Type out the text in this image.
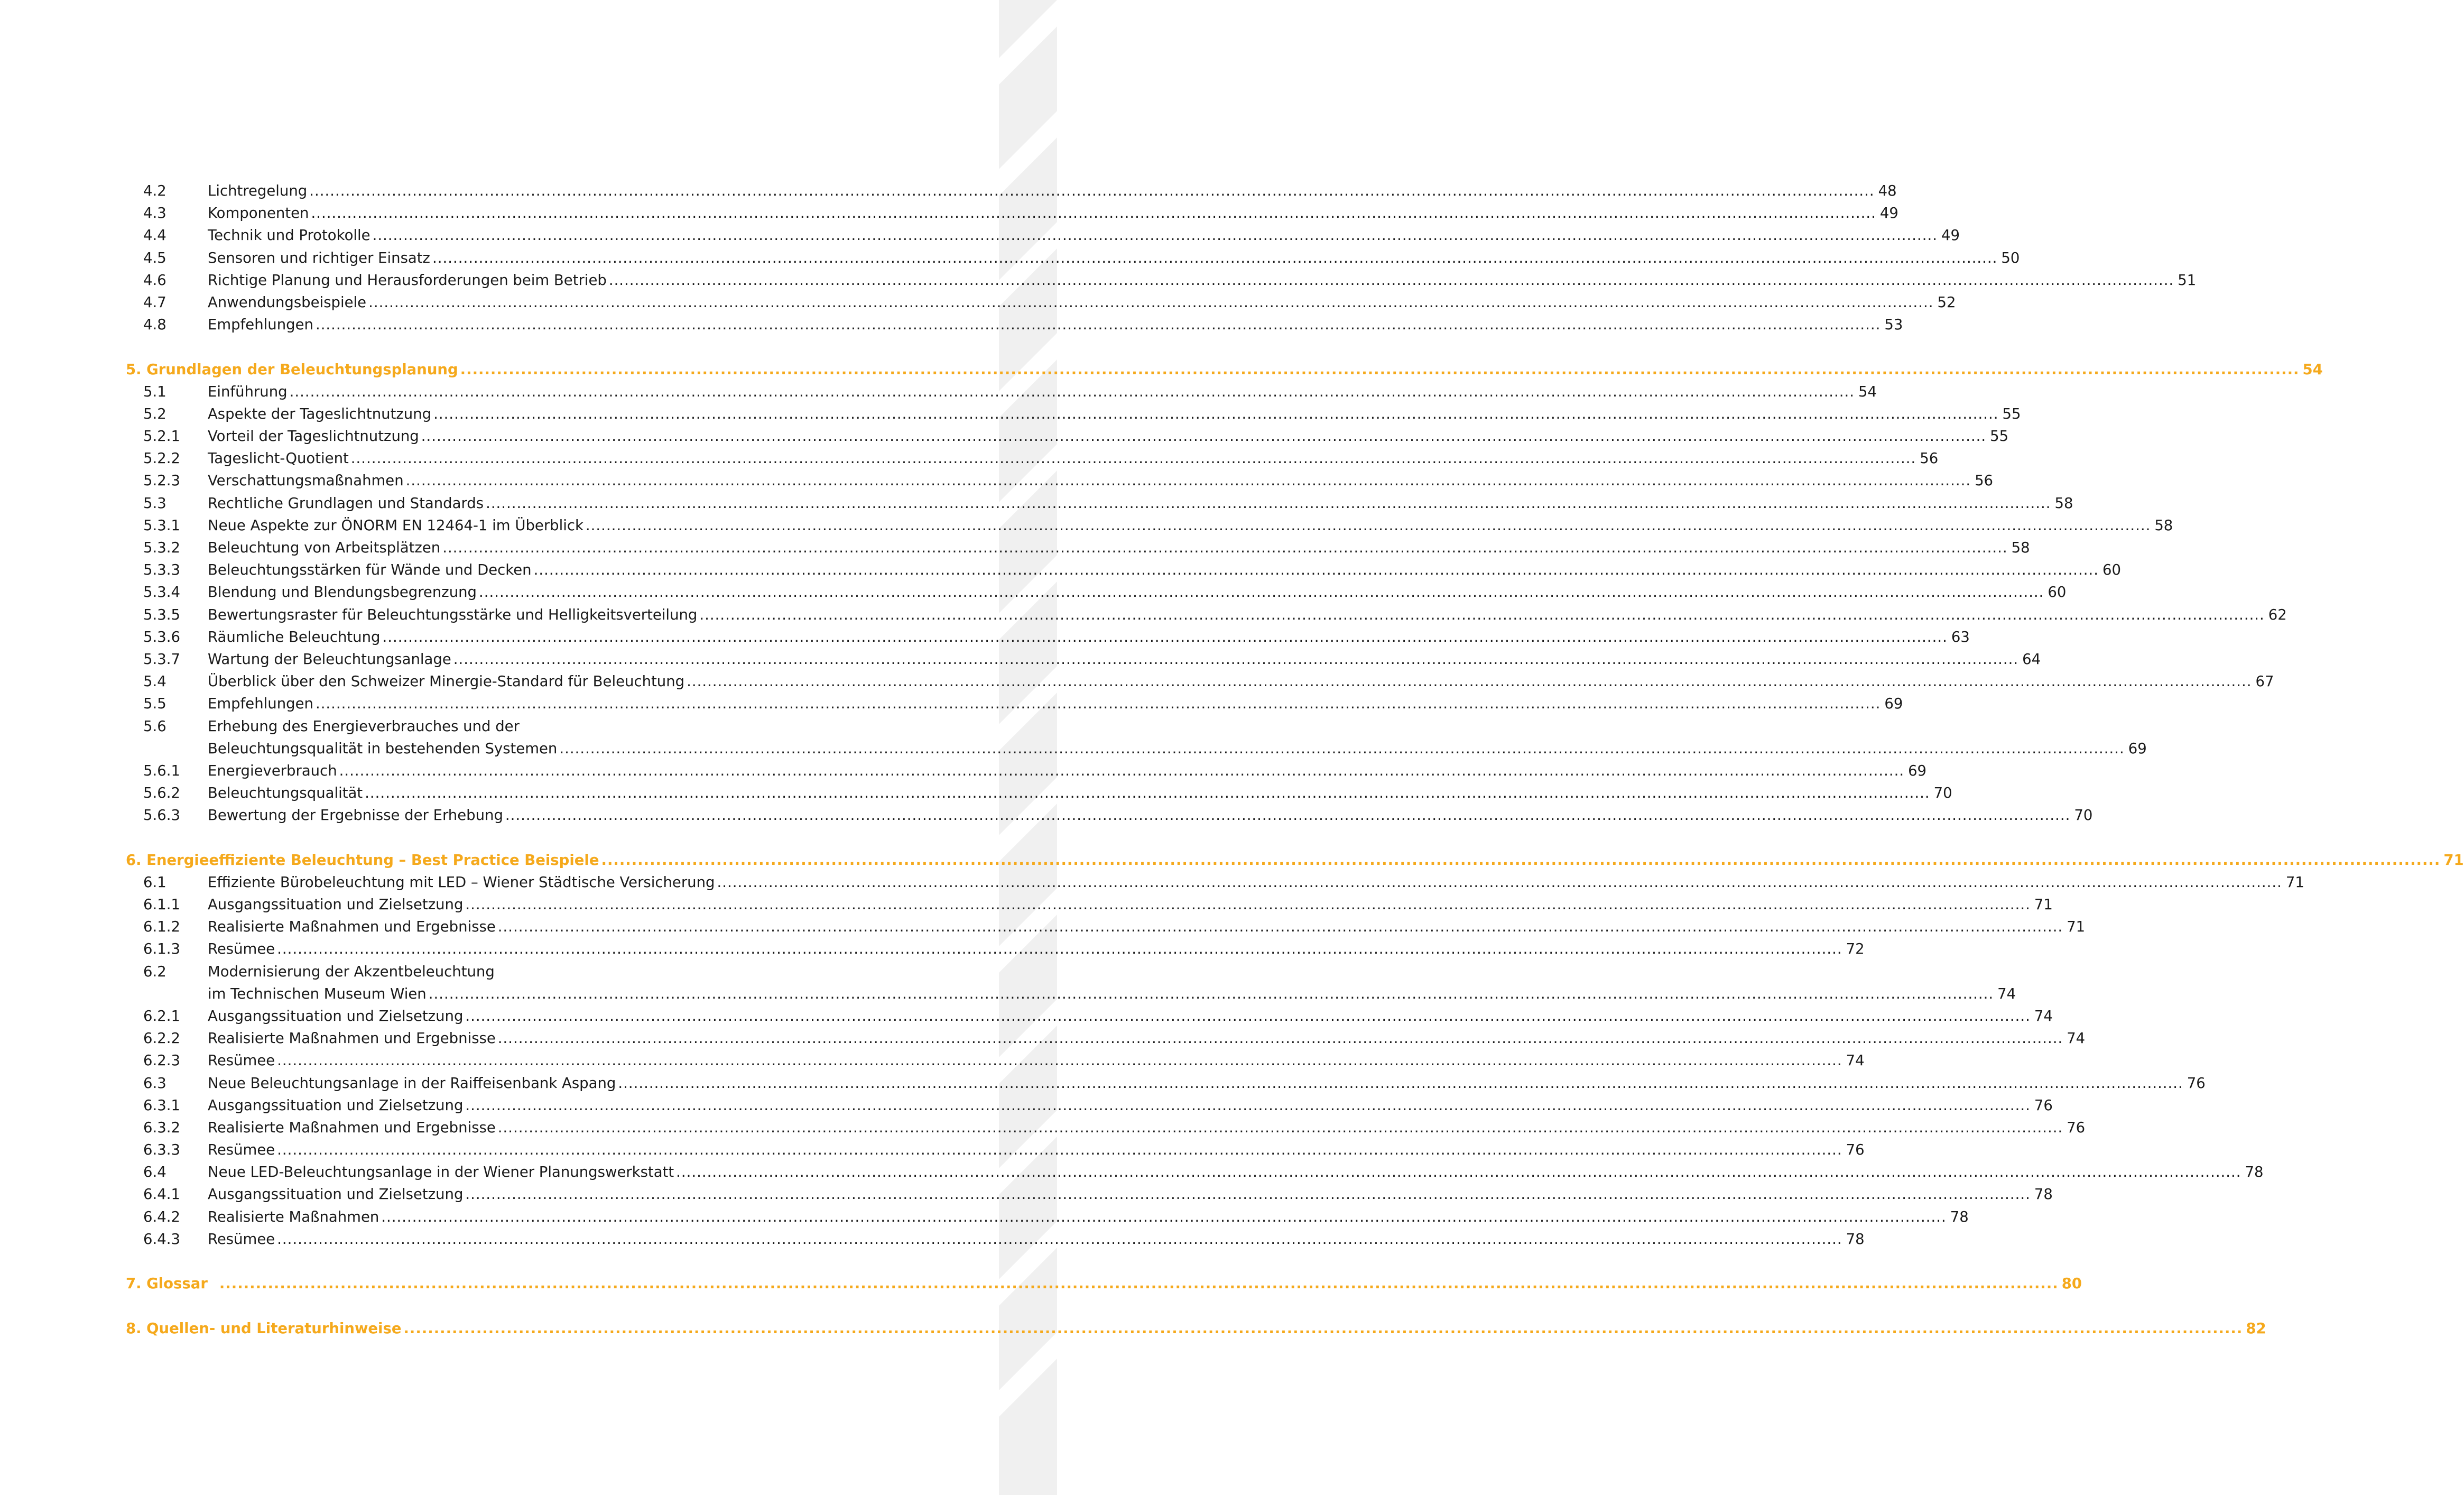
4.2	Lichtregelung .....	48
4.3	Komponenten .....	49
4.4	Technik und Protokolle .....	49
4.5	Sensoren und richtiger Einsatz .....	50
4.6	Richtige Planung und Herausforderungen beim Betrieb .....	51
4.7	Anwendungsbeispiele .....	52
4.8	Empfehlungen .....	53
5. Grundlagen der Beleuchtungsplanung .....	54
5.1	Einführung .....	54
5.2	Aspekte der Tageslichtnutzung .....	55
5.2.1	Vorteil der Tageslichtnutzung .....	55
5.2.2	Tageslicht-Quotient .....	56
5.2.3	Verschattungsmaßnahmen .....	56
5.3	Rechtliche Grundlagen und Standards .....	58
5.3.1	Neue Aspekte zur ÖNORM EN 12464-1 im Überblick .....	58
5.3.2	Beleuchtung von Arbeitsplätzen .....	58
5.3.3	Beleuchtungsstärken für Wände und Decken .....	60
5.3.4	Blendung und Blendungsbegrenzung .....	60
5.3.5	Bewertungsraster für Beleuchtungsstärke und Helligkeitsverteilung .....	62
5.3.6	Räumliche Beleuchtung .....	63
5.3.7	Wartung der Beleuchtungsanlage .....	64
5.4	Überblick über den Schweizer Minergie-Standard für Beleuchtung .....	67
5.5	Empfehlungen .....	69
5.6	Erhebung des Energieverbrauches und der
Beleuchtungsqualität in bestehenden Systemen .....	69
5.6.1	Energieverbrauch .....	69
5.6.2	Beleuchtungsqualität .....	70
5.6.3	Bewertung der Ergebnisse der Erhebung .....	70
6. Energieeffiziente Beleuchtung – Best Practice Beispiele .....	71
6.1	Effiziente Bürobeleuchtung mit LED – Wiener Städtische Versicherung .....	71
6.1.1	Ausgangssituation und Zielsetzung .....	71
6.1.2	Realisierte Maßnahmen und Ergebnisse .....	71
6.1.3	Resümee .....	72
6.2	Modernisierung der Akzentbeleuchtung
im Technischen Museum Wien .....	74
6.2.1	Ausgangssituation und Zielsetzung .....	74
6.2.2	Realisierte Maßnahmen und Ergebnisse .....	74
6.2.3	Resümee .....	74
6.3	Neue Beleuchtungsanlage in der Raiffeisenbank Aspang .....	76
6.3.1	Ausgangssituation und Zielsetzung .....	76
6.3.2	Realisierte Maßnahmen und Ergebnisse .....	76
6.3.3	Resümee .....	76
6.4	Neue LED-Beleuchtungsanlage in der Wiener Planungswerkstatt .....	78
6.4.1	Ausgangssituation und Zielsetzung .....	78
6.4.2	Realisierte Maßnahmen .....	78
6.4.3	Resümee .....	78
7. Glossar .....	80
8. Quellen- und Literaturhinweise .....	82
